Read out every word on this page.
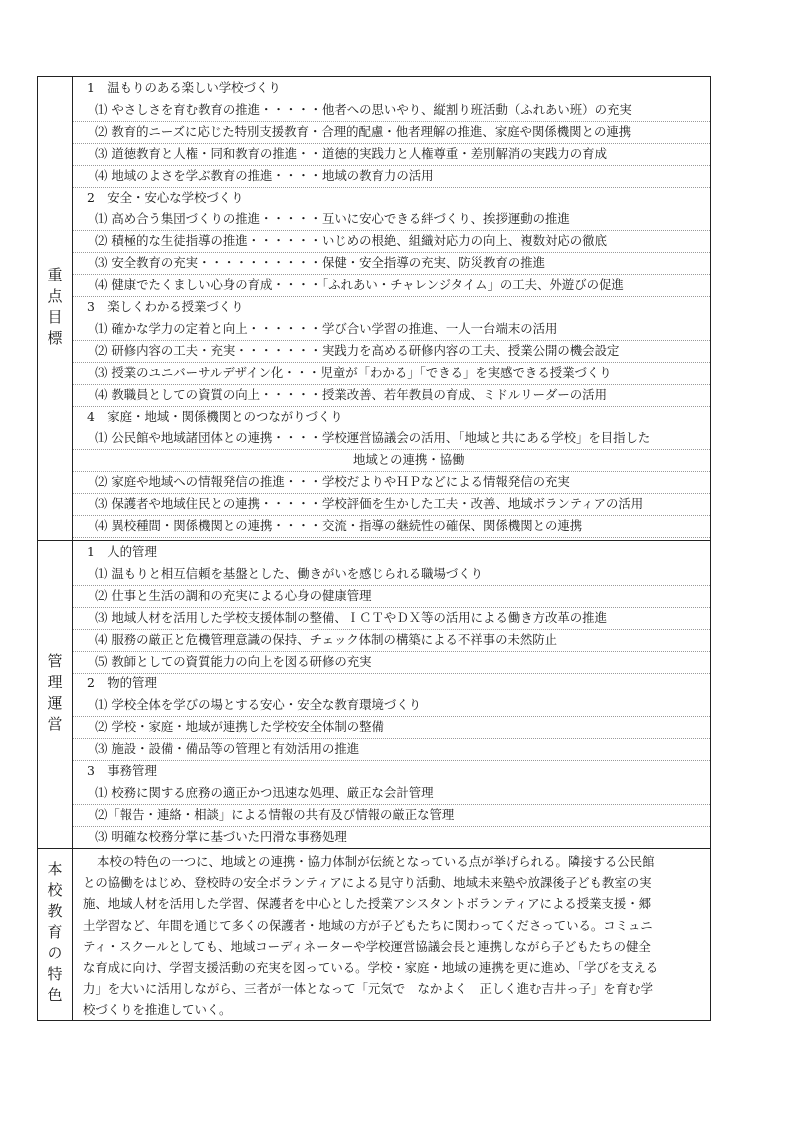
重点目標
1　温もりのある楽しい学校づくり
⑴ やさしさを育む教育の推進・・・・・他者への思いやり、縦割り班活動（ふれあい班）の充実
⑵ 教育的ニーズに応じた特別支援教育・合理的配慮・他者理解の推進、家庭や関係機関との連携
⑶ 道徳教育と人権・同和教育の推進・・道徳的実践力と人権尊重・差別解消の実践力の育成
⑷ 地域のよさを学ぶ教育の推進・・・・地域の教育力の活用
2　安全・安心な学校づくり
⑴ 高め合う集団づくりの推進・・・・・互いに安心できる絆づくり、挨拶運動の推進
⑵ 積極的な生徒指導の推進・・・・・・いじめの根絶、組織対応力の向上、複数対応の徹底
⑶ 安全教育の充実・・・・・・・・・・保健・安全指導の充実、防災教育の推進
⑷ 健康でたくましい心身の育成・・・・「ふれあい・チャレンジタイム」の工夫、外遊びの促進
3　楽しくわかる授業づくり
⑴ 確かな学力の定着と向上・・・・・・学び合い学習の推進、一人一台端末の活用
⑵ 研修内容の工夫・充実・・・・・・・実践力を高める研修内容の工夫、授業公開の機会設定
⑶ 授業のユニバーサルデザイン化・・・児童が「わかる」「できる」を実感できる授業づくり
⑷ 教職員としての資質の向上・・・・・授業改善、若年教員の育成、ミドルリーダーの活用
4　家庭・地域・関係機関とのつながりづくり
⑴ 公民館や地域諸団体との連携・・・・学校運営協議会の活用、「地域と共にある学校」を目指した
地域との連携・協働
⑵ 家庭や地域への情報発信の推進・・・学校だよりやＨＰなどによる情報発信の充実
⑶ 保護者や地域住民との連携・・・・・学校評価を生かした工夫・改善、地域ボランティアの活用
⑷ 異校種間・関係機関との連携・・・・交流・指導の継続性の確保、関係機関との連携
管理運営
1　人的管理
⑴ 温もりと相互信頼を基盤とした、働きがいを感じられる職場づくり
⑵ 仕事と生活の調和の充実による心身の健康管理
⑶ 地域人材を活用した学校支援体制の整備、ＩＣＴやＤＸ等の活用による働き方改革の推進
⑷ 服務の厳正と危機管理意識の保持、チェック体制の構築による不祥事の未然防止
⑸ 教師としての資質能力の向上を図る研修の充実
2　物的管理
⑴ 学校全体を学びの場とする安心・安全な教育環境づくり
⑵ 学校・家庭・地域が連携した学校安全体制の整備
⑶ 施設・設備・備品等の管理と有効活用の推進
3　事務管理
⑴ 校務に関する庶務の適正かつ迅速な処理、厳正な会計管理
⑵「報告・連絡・相談」による情報の共有及び情報の厳正な管理
⑶ 明確な校務分掌に基づいた円滑な事務処理
本校教育の特色	本校の特色の一つに、地域との連携・協力体制が伝統となっている点が挙げられる。隣接する公民館
との協働をはじめ、登校時の安全ボランティアによる見守り活動、地域未来塾や放課後子ども教室の実
施、地域人材を活用した学習、保護者を中心とした授業アシスタントボランティアによる授業支援・郷
土学習など、年間を通じて多くの保護者・地域の方が子どもたちに関わってくださっている。コミュニ
ティ・スクールとしても、地域コーディネーターや学校運営協議会長と連携しながら子どもたちの健全
な育成に向け、学習支援活動の充実を図っている。学校・家庭・地域の連携を更に進め、「学びを支える
力」を大いに活用しながら、三者が一体となって「元気で　なかよく　正しく進む吉井っ子」を育む学
校づくりを推進していく。
